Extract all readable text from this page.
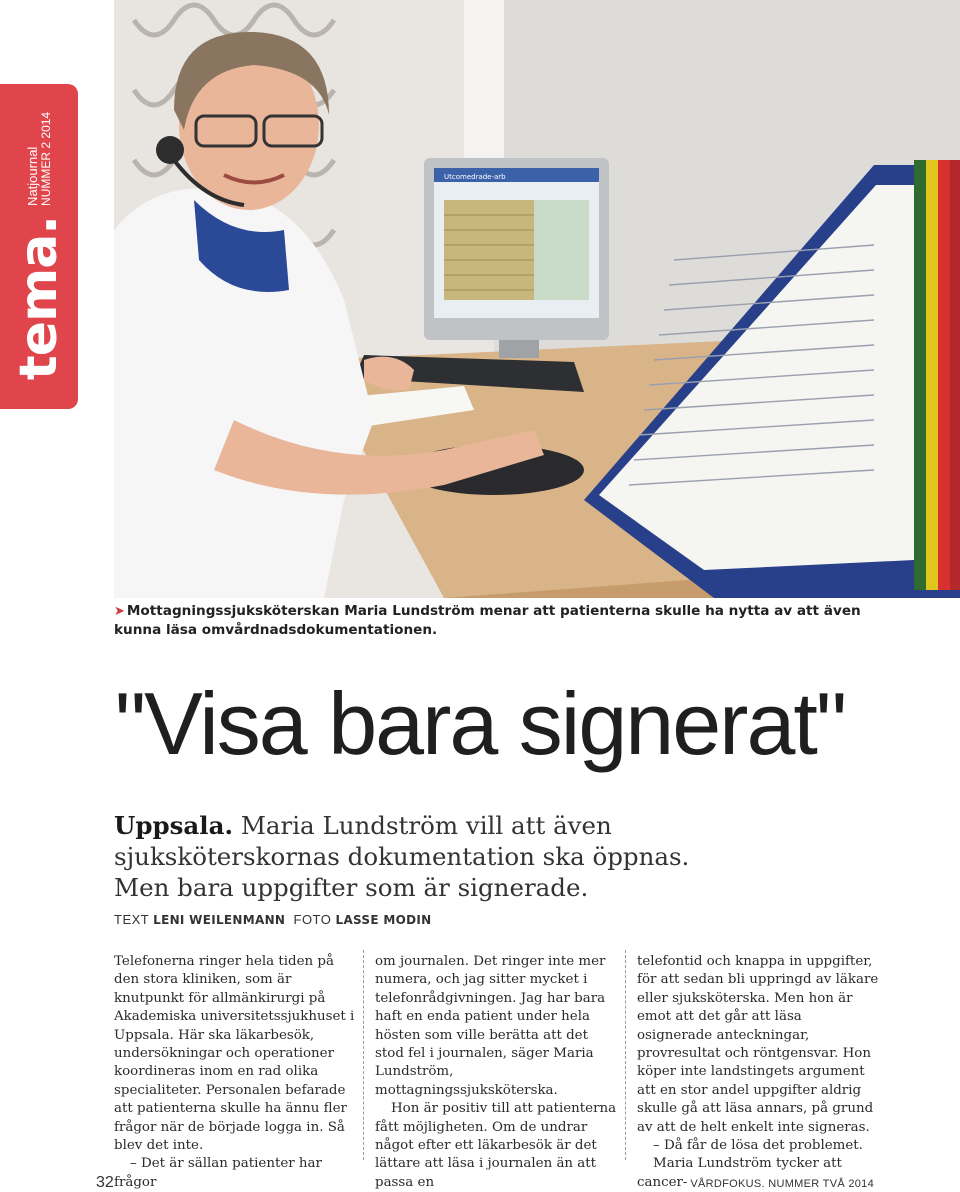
tema.
Natjournal
NUMMER 2 2014	Utcomedrade-arb
➤ Mottagningssjuksköterskan Maria Lundström menar att patienterna skulle ha nytta av att även kunna läsa omvårdnadsdokumentationen.
"Visa bara signerat"
Uppsala. Maria Lundström vill att även sjuksköterskornas dokumentation ska öppnas. Men bara uppgifter som är signerade.
TEXT LENI WEILENMANN FOTO LASSE MODIN

Telefonerna ringer hela tiden på den stora kliniken, som är knutpunkt för allmänkirurgi på Akademiska universitetssjukhuset i Uppsala. Här ska läkarbesök, undersökningar och operationer koordineras inom en rad olika specialiteter. Personalen befarade att patienterna skulle ha ännu fler frågor när de började logga in. Så blev det inte.

– Det är sällan patienter har frågor

om journalen. Det ringer inte mer numera, och jag sitter mycket i telefonrådgivningen. Jag har bara haft en enda patient under hela hösten som ville berätta att det stod fel i journalen, säger Maria Lundström, mottagningssjuksköterska.

Hon är positiv till att patienterna fått möjligheten. Om de undrar något efter ett läkarbesök är det lättare att läsa i journalen än att passa en

telefontid och knappa in uppgifter, för att sedan bli uppringd av läkare eller sjuksköterska. Men hon är emot att det går att läsa osignerade anteckningar, provresultat och röntgensvar. Hon köper inte landstingets argument att en stor andel uppgifter aldrig skulle gå att läsa annars, på grund av att de helt enkelt inte signeras.

– Då får de lösa det problemet.

Maria Lundström tycker att cancer-

32	VÅRDFOKUS. NUMMER TVÅ 2014
